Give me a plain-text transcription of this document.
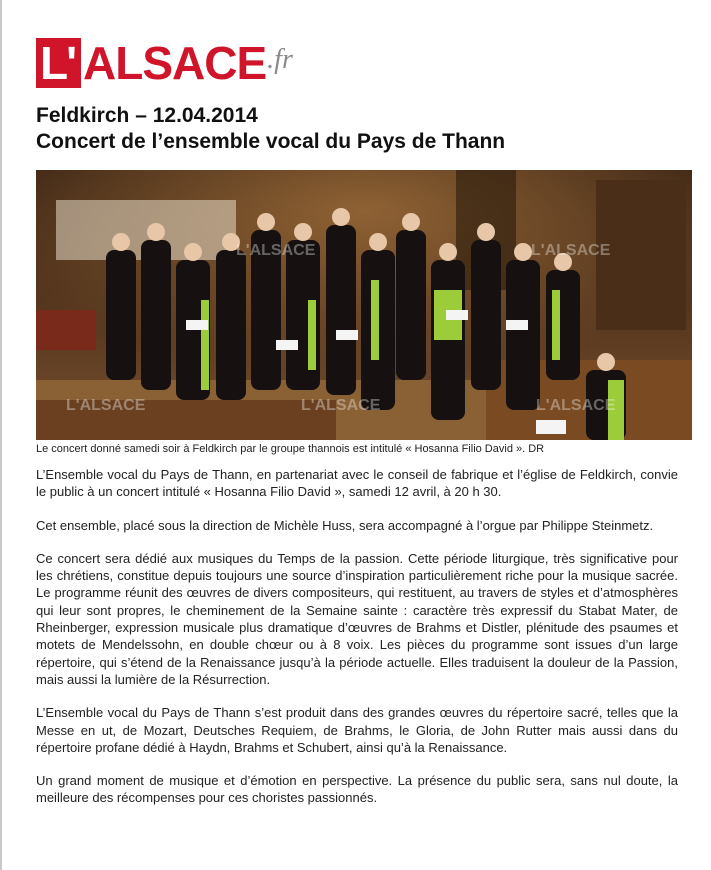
L' ALSACE .fr
Feldkirch – 12.04.2014
Concert de l’ensemble vocal du Pays de Thann
L'ALSACE	L'ALSACE	L'ALSACE
L'ALSACE	L'ALSACE
Le concert donné samedi soir à Feldkirch par le groupe thannois est intitulé « Hosanna Filio David ». DR

L’Ensemble vocal du Pays de Thann, en partenariat avec le conseil de fabrique et l’église de Feldkirch, convie le public à un concert intitulé « Hosanna Filio David », samedi 12 avril, à 20 h 30.

Cet ensemble, placé sous la direction de Michèle Huss, sera accompagné à l’orgue par Philippe Steinmetz.

Ce concert sera dédié aux musiques du Temps de la passion. Cette période liturgique, très significative pour les chrétiens, constitue depuis toujours une source d’inspiration particulièrement riche pour la musique sacrée. Le programme réunit des œuvres de divers compositeurs, qui restituent, au travers de styles et d’atmosphères qui leur sont propres, le cheminement de la Semaine sainte : caractère très expressif du Stabat Mater, de Rheinberger, expression musicale plus dramatique d’œuvres de Brahms et Distler, plénitude des psaumes et motets de Mendelssohn, en double chœur ou à 8 voix. Les pièces du programme sont issues d’un large répertoire, qui s’étend de la Renaissance jusqu’à la période actuelle. Elles traduisent la douleur de la Passion, mais aussi la lumière de la Résurrection.

L’Ensemble vocal du Pays de Thann s’est produit dans des grandes œuvres du répertoire sacré, telles que la Messe en ut, de Mozart, Deutsches Requiem, de Brahms, le Gloria, de John Rutter mais aussi dans du répertoire profane dédié à Haydn, Brahms et Schubert, ainsi qu’à la Renaissance.

Un grand moment de musique et d’émotion en perspective. La présence du public sera, sans nul doute, la meilleure des récompenses pour ces choristes passionnés.
